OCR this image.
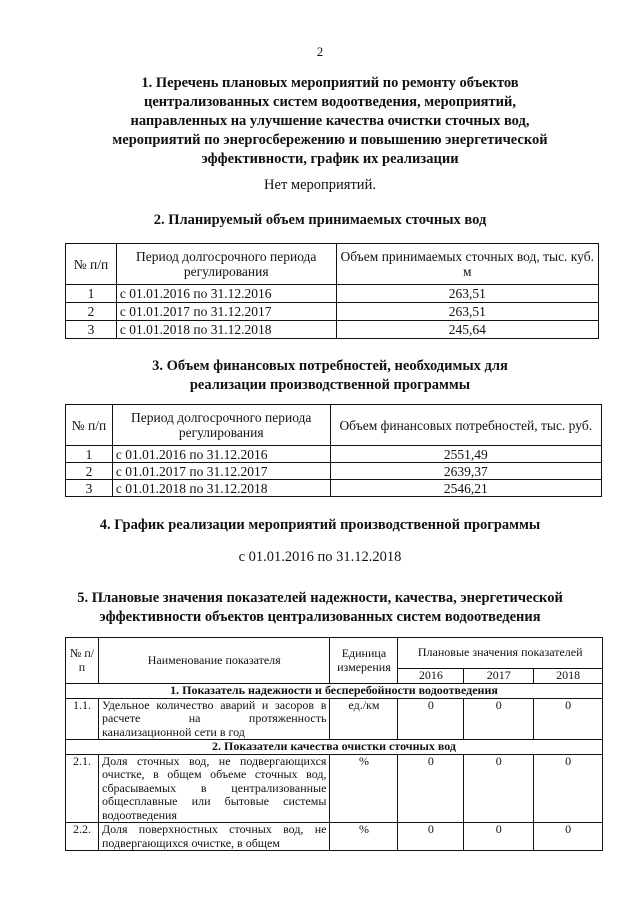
2
1. Перечень плановых мероприятий по ремонту объектов
централизованных систем водоотведения, мероприятий,
направленных на улучшение качества очистки сточных вод,
мероприятий по энергосбережению и повышению энергетической
эффективности, график их реализации
Нет мероприятий.
2. Планируемый объем принимаемых сточных вод
№ п/п	Период долгосрочного периода регулирования	Объем принимаемых сточных вод, тыс. куб. м
1	с 01.01.2016 по 31.12.2016	263,51
2	с 01.01.2017 по 31.12.2017	263,51
3	с 01.01.2018 по 31.12.2018	245,64
3. Объем финансовых потребностей, необходимых для
реализации производственной программы
№ п/п	Период долгосрочного периода регулирования	Объем финансовых потребностей, тыс. руб.
1	с 01.01.2016 по 31.12.2016	2551,49
2	с 01.01.2017 по 31.12.2017	2639,37
3	с 01.01.2018 по 31.12.2018	2546,21
4. График реализации мероприятий производственной программы
с 01.01.2016 по 31.12.2018
5. Плановые значения показателей надежности, качества, энергетической
эффективности объектов централизованных систем водоотведения
№ п/п	Наименование показателя	Единица измерения	Плановые значения показателей		
			2016	2017	2018
1. Показатель надежности и бесперебойности водоотведения					
1.1.	Удельное количество аварий и засоров в расчете на протяженность канализационной сети в год	ед./км	0	0	0
2. Показатели качества очистки сточных вод					
2.1.	Доля сточных вод, не подвергающихся очистке, в общем объеме сточных вод, сбрасываемых в централизованные общесплавные или бытовые системы водоотведения	%	0	0	0
2.2.	Доля поверхностных сточных вод, не подвергающихся очистке, в общем	%	0	0	0
